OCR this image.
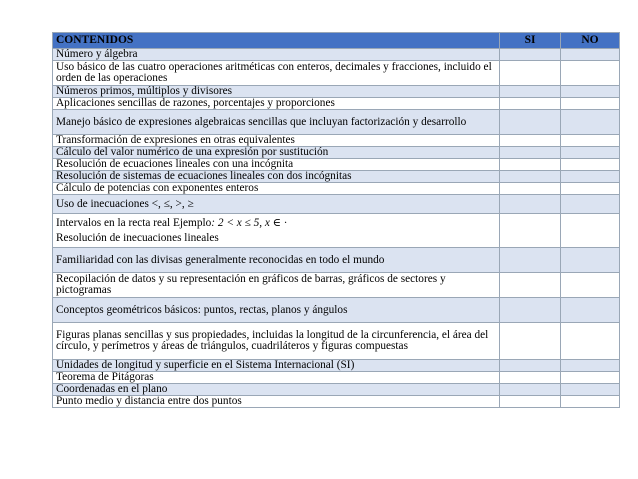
CONTENIDOS	SI	NO
Número y álgebra		
Uso básico de las cuatro operaciones aritméticas con enteros, decimales y fracciones, incluido el orden de las operaciones		
Números primos, múltiplos y divisores		
Aplicaciones sencillas de razones, porcentajes y proporciones		
Manejo básico de expresiones algebraicas sencillas que incluyan factorización y desarrollo		
Transformación de expresiones en otras equivalentes		
Cálculo del valor numérico de una expresión por sustitución		
Resolución de ecuaciones lineales con una incógnita		
Resolución de sistemas de ecuaciones lineales con dos incógnitas		
Cálculo de potencias con exponentes enteros		
Uso de inecuaciones <, ≤, >, ≥		

Intervalos en la recta real Ejemplo: 2 < x ≤ 5, x ∈ ·
Resolución de inecuaciones lineales		

Familiaridad con las divisas generalmente reconocidas en todo el mundo		
Recopilación de datos y su representación en gráficos de barras, gráficos de sectores y pictogramas		
Conceptos geométricos básicos: puntos, rectas, planos y ángulos		
Figuras planas sencillas y sus propiedades, incluidas la longitud de la circunferencia, el área del círculo, y perímetros y áreas de triángulos, cuadriláteros y figuras compuestas		
Unidades de longitud y superficie en el Sistema Internacional (SI)		
Teorema de Pitágoras		
Coordenadas en el plano		
Punto medio y distancia entre dos puntos		
